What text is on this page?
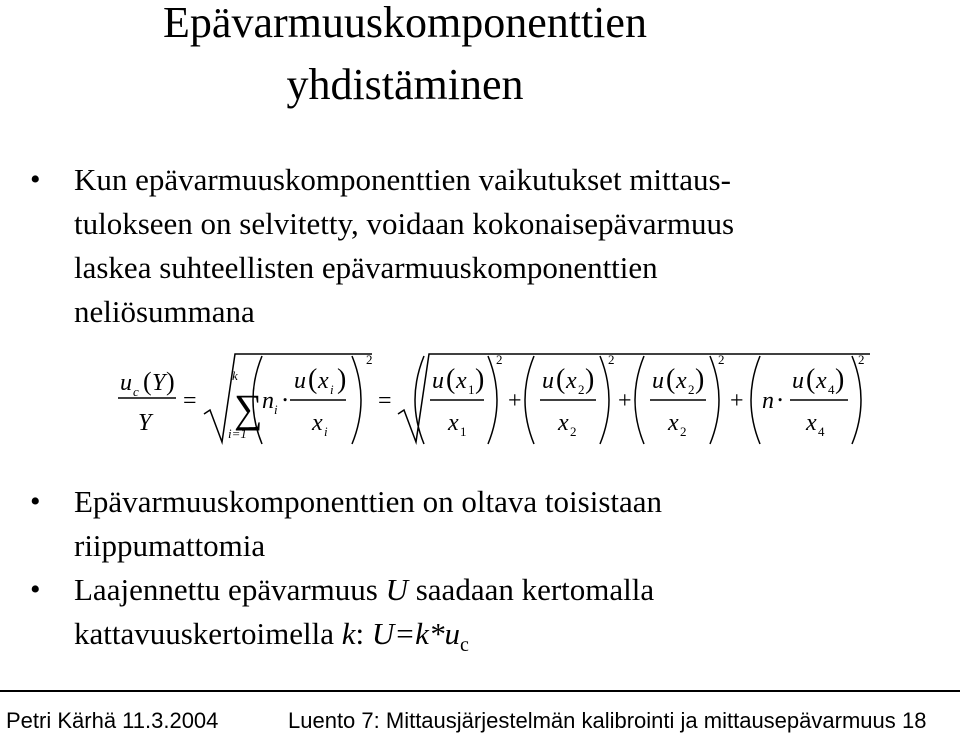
Epävarmuuskomponenttien
yhdistäminen
• Kun epävarmuuskomponenttien vaikutukset mittaus-
tulokseen on selvitetty, voidaan kokonaisepävarmuus
laskea suhteellisten epävarmuuskomponenttien
neliösummana
• Epävarmuuskomponenttien on oltava toisistaan
riippumattomia
• Laajennettu epävarmuus U saadaan kertomalla
kattavuuskertoimella k: $U=k*u_c$
u c ( Y )
Y
=
k
∑
i=1
n i ⋅
u ( x i )
x i
2
=
u ( x 1 )
x 1
2
+
u ( x 2 )
x 2
2
+
u ( x 2 )
x 2
2
+ n ⋅
u ( x 4 )
x 4
2
Petri Kärhä 11.3.2004	Luento 7: Mittausjärjestelmän kalibrointi ja mittausepävarmuus 18
